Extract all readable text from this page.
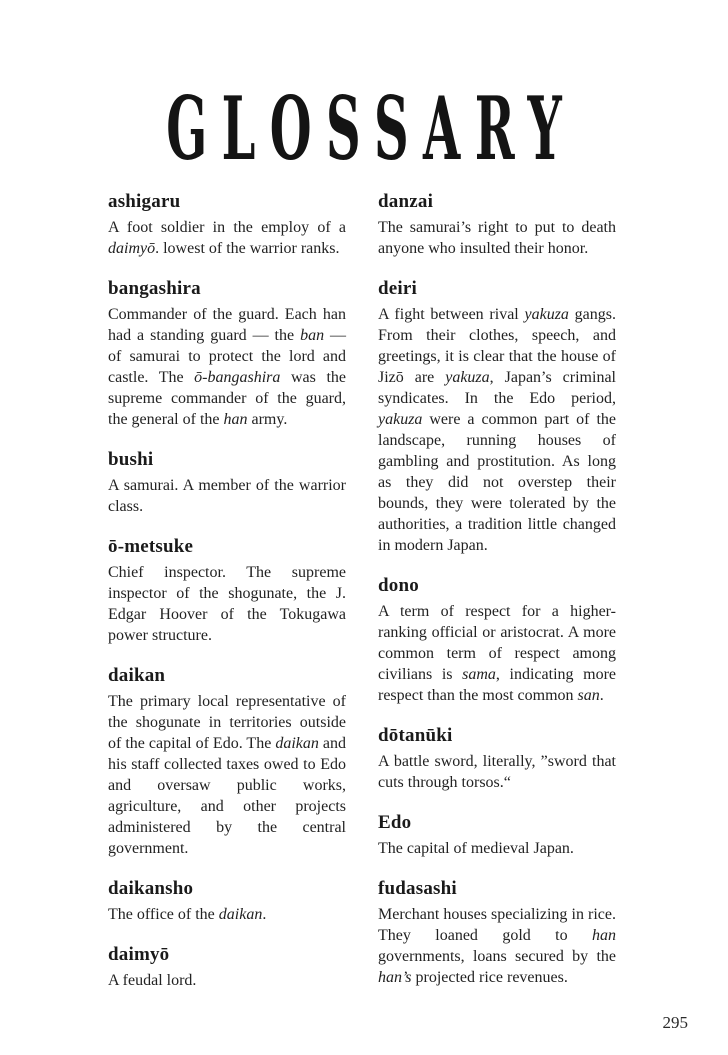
GLOSSARY
ashigaru

A foot soldier in the employ of a daimyō. lowest of the warrior ranks.

bangashira

Commander of the guard. Each han had a standing guard — the ban — of samurai to protect the lord and castle. The ō-bangashira was the supreme commander of the guard, the general of the han army.

bushi

A samurai. A member of the warrior class.

ō-metsuke

Chief inspector. The supreme inspector of the shogunate, the J. Edgar Hoover of the Tokugawa power structure.

daikan

The primary local representative of the shogunate in territories outside of the capital of Edo. The daikan and his staff collected taxes owed to Edo and oversaw public works, agriculture, and other projects administered by the central government.

daikansho

The office of the daikan.

daimyō

A feudal lord.

danzai

The samurai’s right to put to death anyone who insulted their honor.

deiri

A fight between rival yakuza gangs. From their clothes, speech, and greetings, it is clear that the house of Jizō are yakuza, Japan’s criminal syndicates. In the Edo period, yakuza were a common part of the landscape, running houses of gambling and prostitution. As long as they did not overstep their bounds, they were tolerated by the authorities, a tradition little changed in modern Japan.

dono

A term of respect for a higher-ranking official or aristocrat. A more common term of respect among civilians is sama, indicating more respect than the most common san.

dōtanūki

A battle sword, literally, ”sword that cuts through torsos.“

Edo

The capital of medieval Japan.

fudasashi

Merchant houses specializing in rice. They loaned gold to han governments, loans secured by the han’s projected rice revenues.

295
